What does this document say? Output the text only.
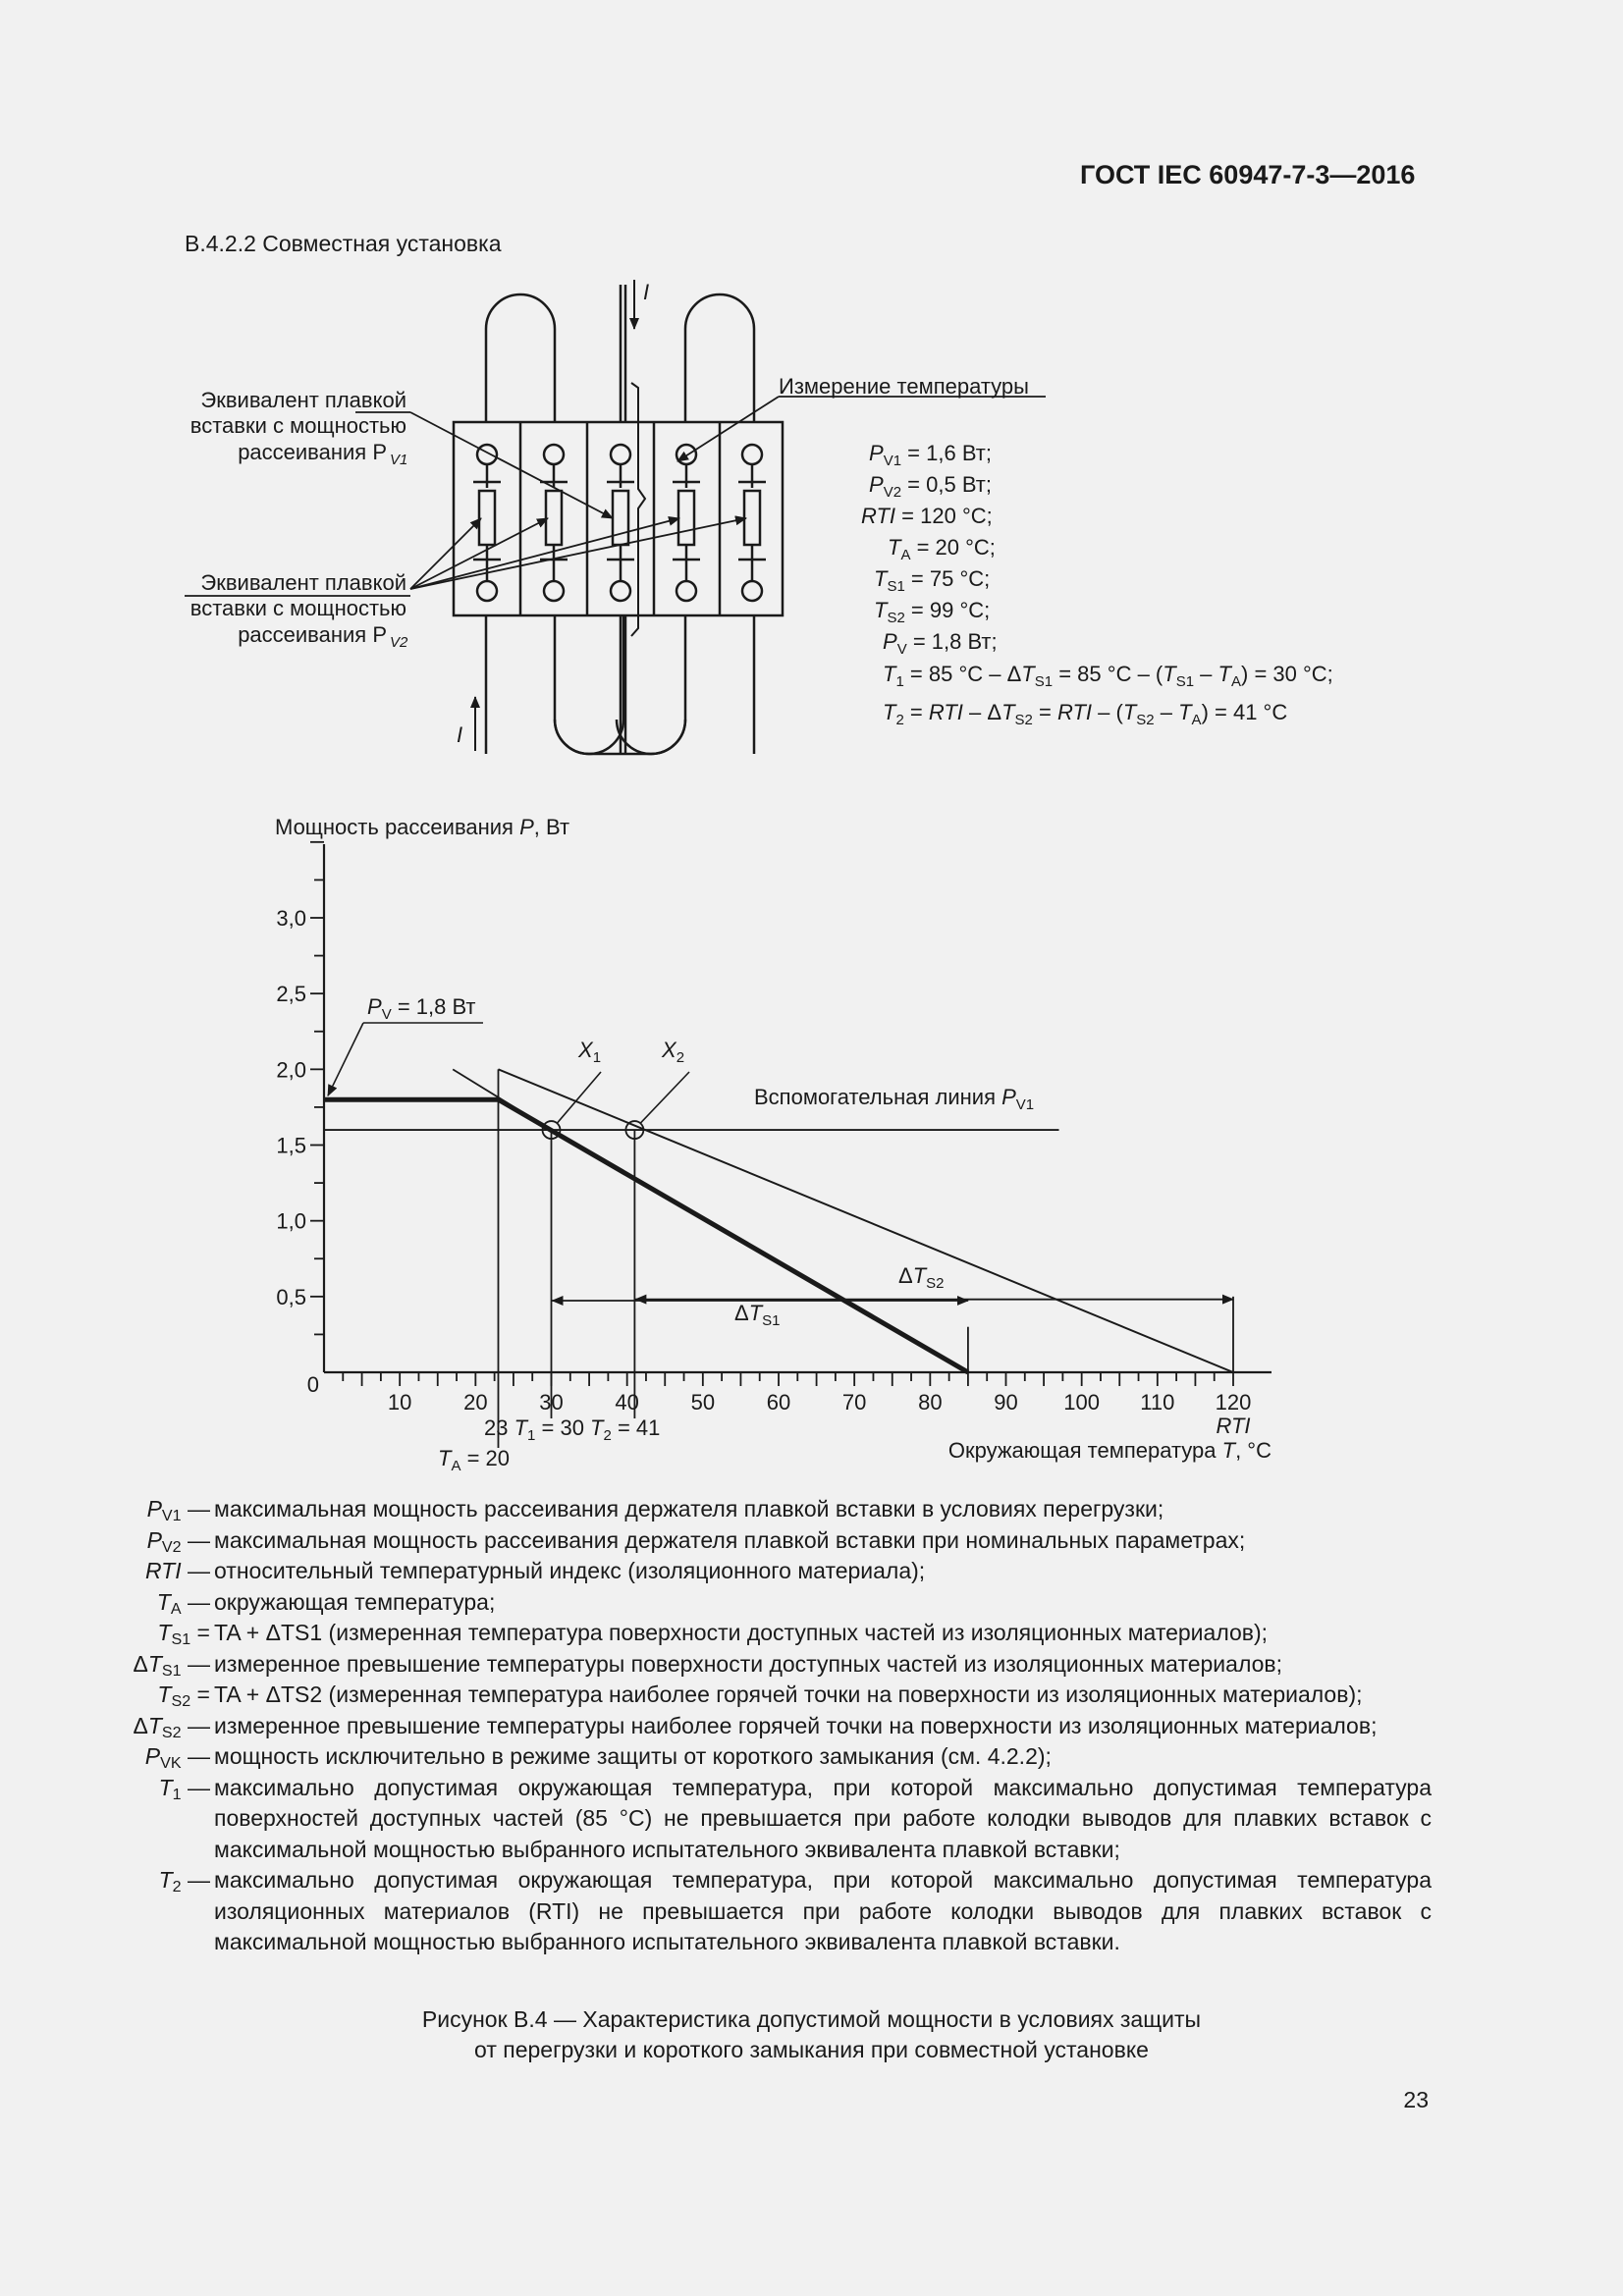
ГОСТ IEC 60947-7-3—2016
B.4.2.2 Совместная установка
Эквивалент плавкой
вставки с мощностью
рассеивания P $_{V1}$
Эквивалент плавкой
вставки с мощностью
рассеивания P $_{V2}$
Измерение температуры
I
I
$P_{V1} = 1,6$ Вт;
$P_{V2} = 0,5$ Вт;
RTI = 120 °C;
$T_A = 20$ °C;
$T_{S1} = 75$ °C;
$T_{S2} = 99$ °C;
$P_V = 1,8$ Вт;
$T_1 = 85$ $^\circ C - \Delta T_{S1} = 85$ $^\circ C - (T_{S1} - T_A) = 30$ °C;
$T_2$ = RTI – $\Delta T_{S2}$ = RTI – $(T_{S2} - T_A) = 41$ °C
Мощность рассеивания P, Вт
0,5
1,0
1,5
2,0
2,5
3,0
10 20 30 40 50 60 70 80 90 100 110 120
0
RTI
Окружающая температура T, °C
23 $T_1 = 30$ $T_2 = 41$
$T_A = 20$
$P_V = 1,8$ Вт
Вспомогательная линия $P_{V1}$
$X_1$	$X_2$
$\Delta T_{S2}$
$\Delta T_{S1}$
$P_{V1}$ — максимальная мощность рассеивания держателя плавкой вставки в условиях перегрузки;
$P_{V2}$ — максимальная мощность рассеивания держателя плавкой вставки при номинальных параметрах;
RTI — относительный температурный индекс (изоляционного материала);
$T_A$ — окружающая температура;
$T_{S1}$ = TA + ΔTS1 (измеренная температура поверхности доступных частей из изоляционных материалов);
$\Delta T_{S1}$ — измеренное превышение температуры поверхности доступных частей из изоляционных материалов;
$T_{S2}$ = TA + ΔTS2 (измеренная температура наиболее горячей точки на поверхности из изоляционных материалов);
$\Delta T_{S2}$ — измеренное превышение температуры наиболее горячей точки на поверхности из изоляционных материалов;
$P_{VK}$ — мощность исключительно в режиме защиты от короткого замыкания (см. 4.2.2);
$T_1$ — максимально допустимая окружающая температура, при которой максимально допустимая температура поверхностей доступных частей (85 °C) не превышается при работе колодки выводов для плавких вставок с максимальной мощностью выбранного испытательного эквивалента плавкой вставки;
$T_2$ — максимально допустимая окружающая температура, при которой максимально допустимая температура изоляционных материалов (RTI) не превышается при работе колодки выводов для плавких вставок с максимальной мощностью выбранного испытательного эквивалента плавкой вставки.
Рисунок B.4 — Характеристика допустимой мощности в условиях защиты
от перегрузки и короткого замыкания при совместной установке
23
